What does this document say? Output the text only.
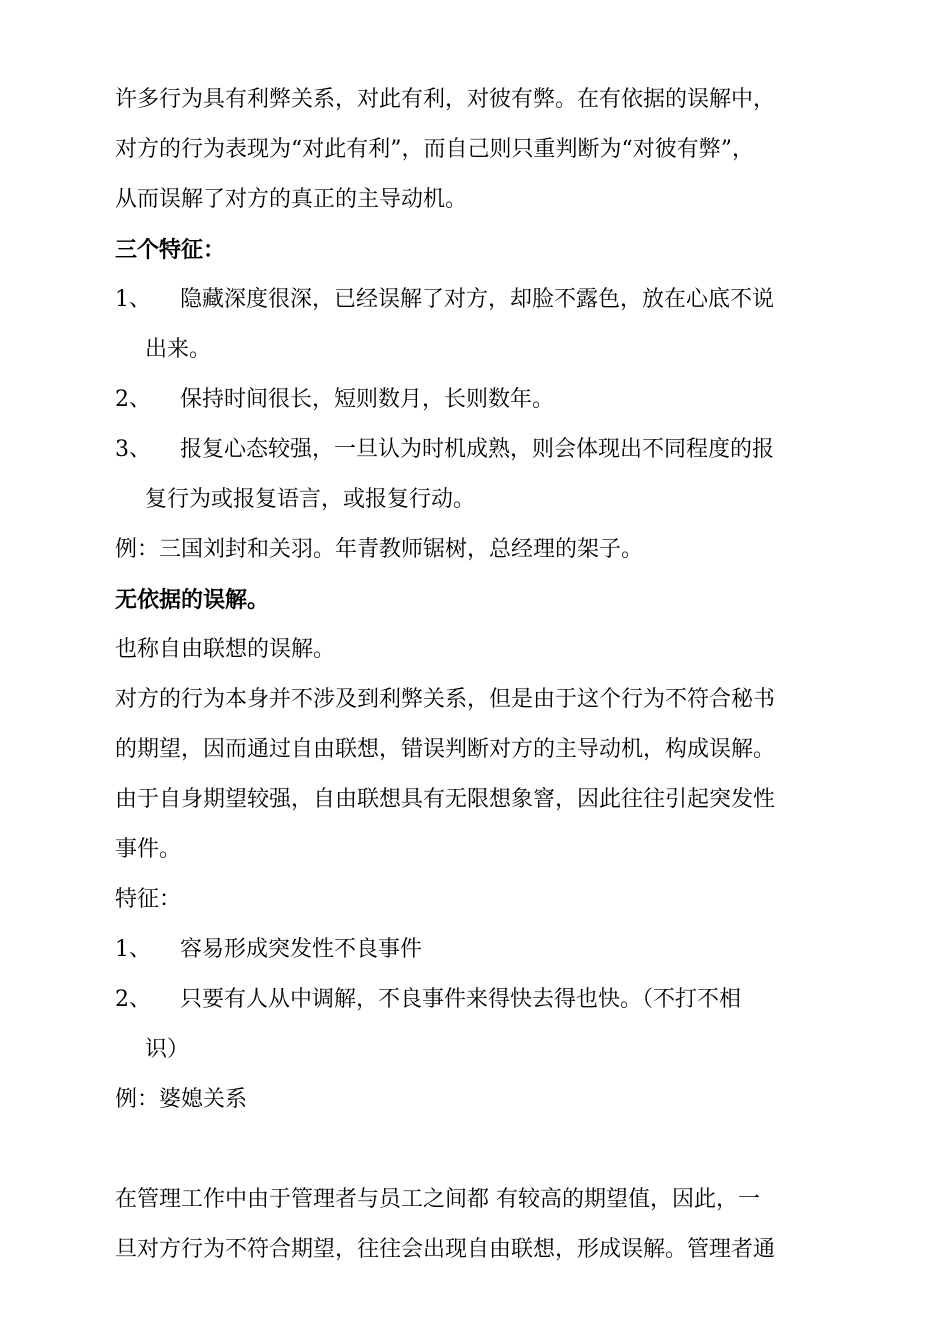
许多行为具有利弊关系，对此有利，对彼有弊。在有依据的误解中，
对方的行为表现为“对此有利”，而自己则只重判断为“对彼有弊”，
从而误解了对方的真正的主导动机。
三个特征：
1、 隐藏深度很深，已经误解了对方，却脸不露色，放在心底不说
出来。
2、 保持时间很长，短则数月，长则数年。
3、 报复心态较强，一旦认为时机成熟，则会体现出不同程度的报
复行为或报复语言，或报复行动。
例：三国刘封和关羽。年青教师锯树，总经理的架子。
无依据的误解。
也称自由联想的误解。
对方的行为本身并不涉及到利弊关系，但是由于这个行为不符合秘书
的期望，因而通过自由联想，错误判断对方的主导动机，构成误解。
由于自身期望较强，自由联想具有无限想象窨，因此往往引起突发性
事件。
特征：
1、 容易形成突发性不良事件
2、 只要有人从中调解，不良事件来得快去得也快。（不打不相
识）
例：婆媳关系
在管理工作中由于管理者与员工之间都 有较高的期望值，因此，一
旦对方行为不符合期望，往往会出现自由联想，形成误解。管理者通
